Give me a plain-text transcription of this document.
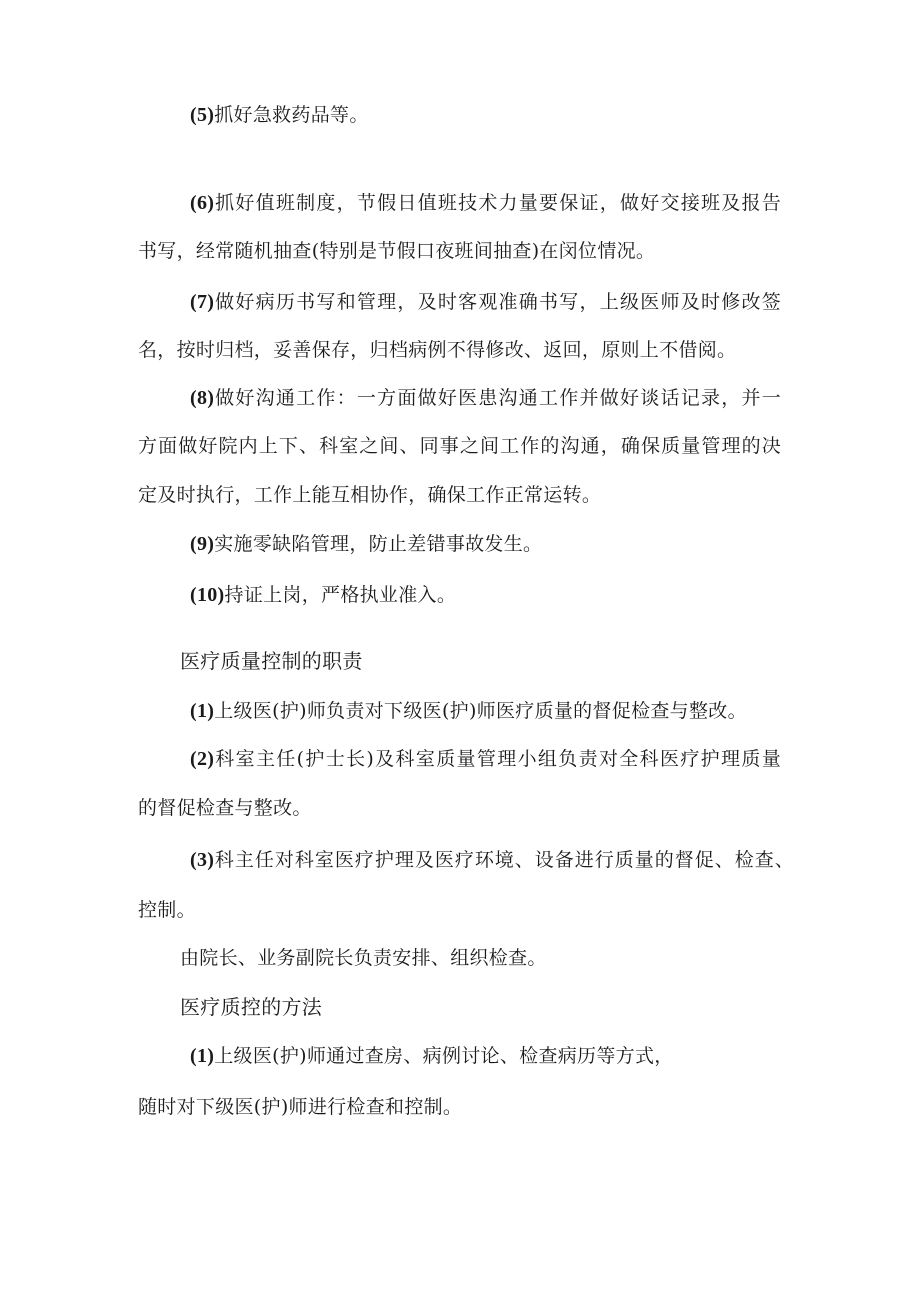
(5)抓好急救药品等。
(6)抓好值班制度，节假日值班技术力量要保证，做好交接班及报告
书写，经常随机抽查(特别是节假口夜班间抽查)在闵位情况。
(7)做好病历书写和管理，及时客观准确书写，上级医师及时修改签
名，按时归档，妥善保存，归档病例不得修改、返回，原则上不借阅。
(8)做好沟通工作：一方面做好医患沟通工作并做好谈话记录，并一
方面做好院内上下、科室之间、同事之间工作的沟通，确保质量管理的决
定及时执行，工作上能互相协作，确保工作正常运转。
(9)实施零缺陷管理，防止差错事故发生。
(10)持证上岗，严格执业准入。
医疗质量控制的职责
(1)上级医(护)师负责对下级医(护)师医疗质量的督促检查与整改。
(2)科室主任(护士长)及科室质量管理小组负责对全科医疗护理质量
的督促检查与整改。
(3)科主任对科室医疗护理及医疗环境、设备进行质量的督促、检查、
控制。
由院长、业务副院长负责安排、组织检查。
医疗质控的方法
(1)上级医(护)师通过查房、病例讨论、检查病历等方式，
随时对下级医(护)师进行检查和控制。
